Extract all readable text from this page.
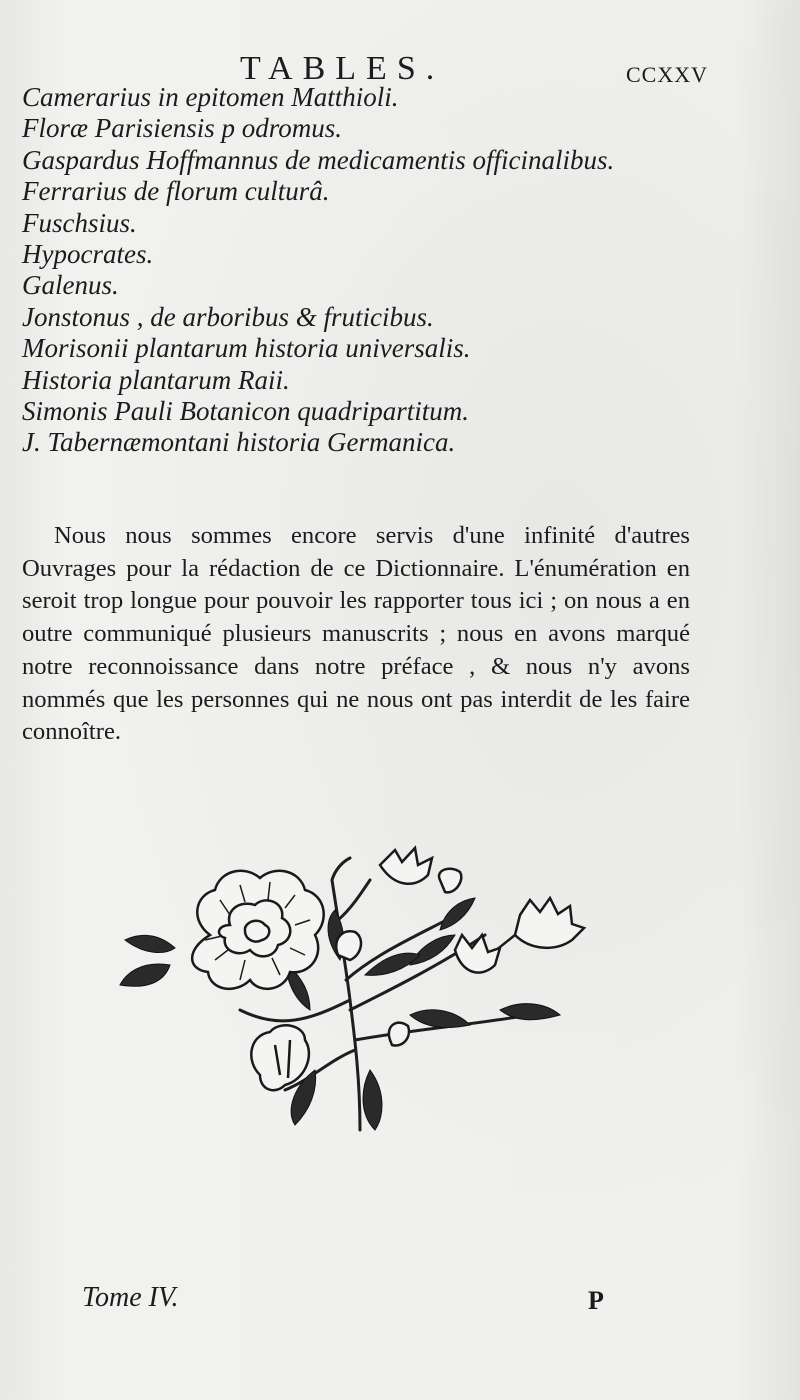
TABLES.	CCXXV
Camerarius in epitomen Matthioli.
Floræ Parisiensis p odromus.
Gaspardus Hoffmannus de medicamentis officinalibus.
Ferrarius de florum culturâ.
Fuschsius.
Hypocrates.
Galenus.
Jonstonus , de arboribus & fruticibus.
Morisonii plantarum historia universalis.
Historia plantarum Raii.
Simonis Pauli Botanicon quadripartitum.
J. Tabernæmontani historia Germanica.

Nous nous sommes encore servis d'une infinité d'autres Ouvrages pour la rédaction de ce Dictionnaire. L'énumération en seroit trop longue pour pouvoir les rapporter tous ici ; on nous a en outre communiqué plusieurs manuscrits ; nous en avons marqué notre reconnoissance dans notre préface , & nous n'y avons nommés que les personnes qui ne nous ont pas interdit de les faire connoître.

Tome IV.	P
